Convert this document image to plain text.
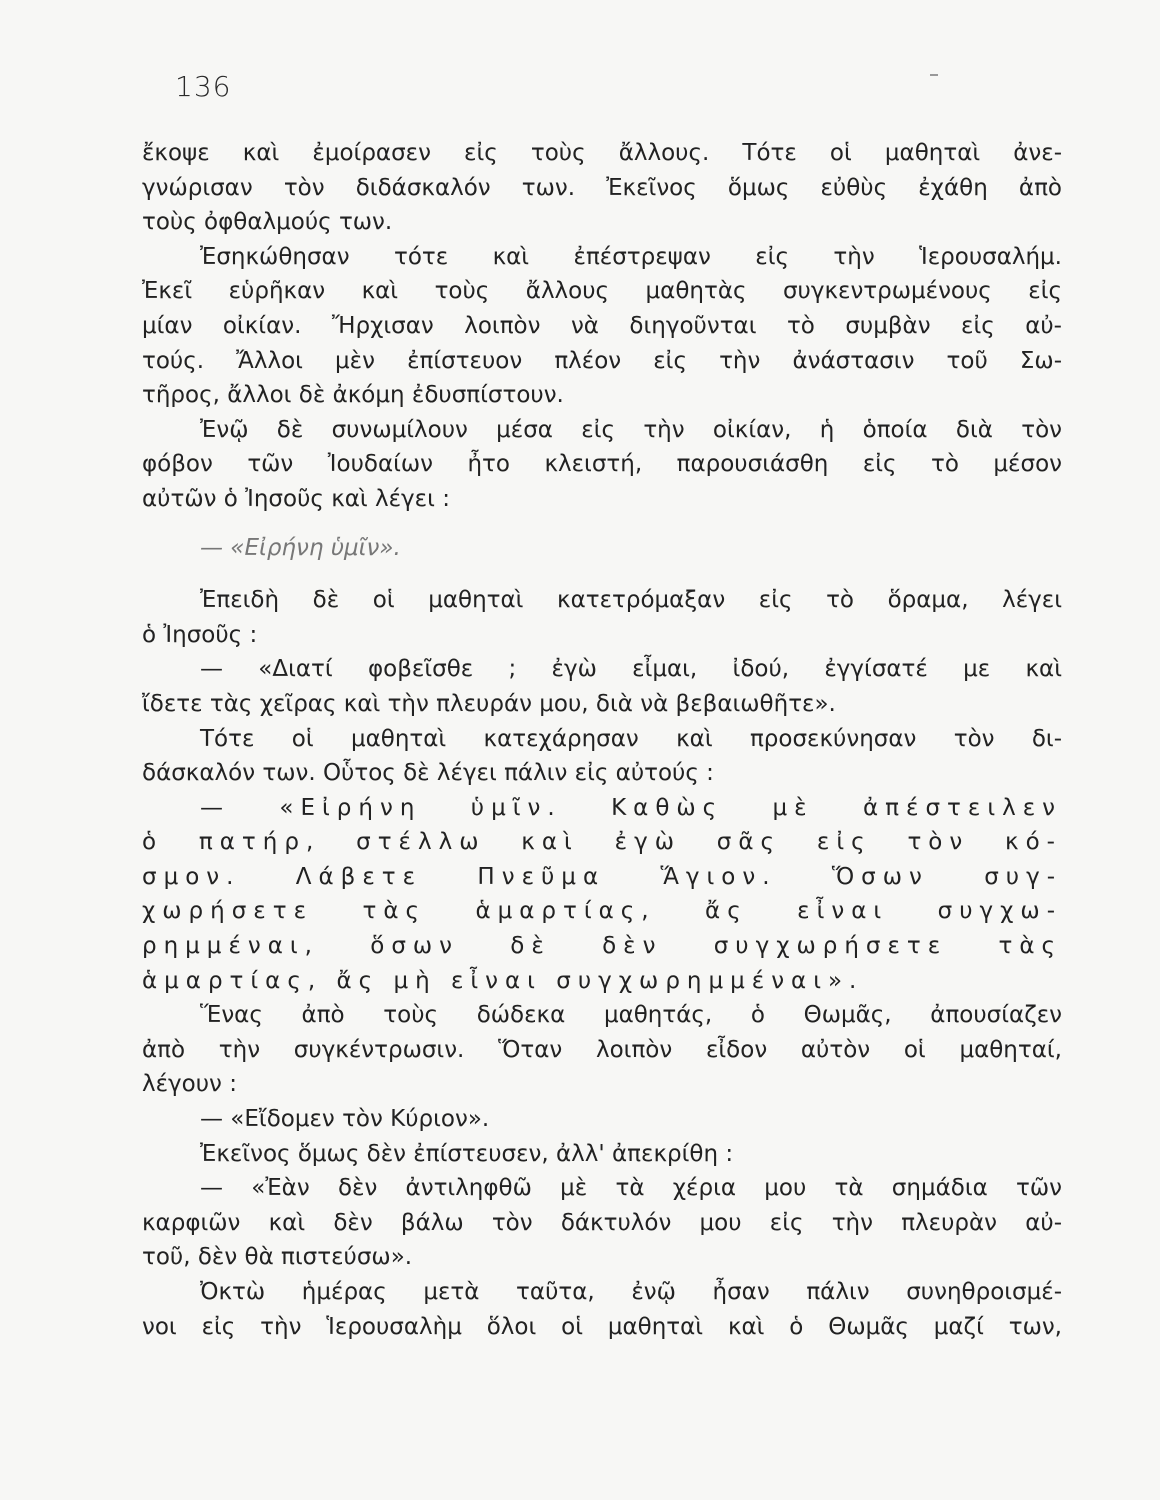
136
ἔκοψε καὶ ἐμοίρασεν εἰς τοὺς ἄλλους. Τότε οἱ μαθηταὶ ἀνε-
γνώρισαν τὸν διδάσκαλόν των. Ἐκεῖνος ὅμως εὐθὺς ἐχάθη ἀπὸ
τοὺς ὀφθαλμούς των.
Ἐσηκώθησαν τότε καὶ ἐπέστρεψαν εἰς τὴν Ἱερουσαλήμ.
Ἐκεῖ εὑρῆκαν καὶ τοὺς ἄλλους μαθητὰς συγκεντρωμένους εἰς
μίαν οἰκίαν. Ἤρχισαν λοιπὸν νὰ διηγοῦνται τὸ συμβὰν εἰς αὐ-
τούς. Ἄλλοι μὲν ἐπίστευον πλέον εἰς τὴν ἀνάστασιν τοῦ Σω-
τῆρος, ἄλλοι δὲ ἀκόμη ἐδυσπίστουν.
Ἐνῷ δὲ συνωμίλουν μέσα εἰς τὴν οἰκίαν, ἡ ὁποία διὰ τὸν
φόβον τῶν Ἰουδαίων ἦτο κλειστή, παρουσιάσθη εἰς τὸ μέσον
αὐτῶν ὁ Ἰησοῦς καὶ λέγει :
— «Εἰρήνη ὑμῖν».
Ἐπειδὴ δὲ οἱ μαθηταὶ κατετρόμαξαν εἰς τὸ ὅραμα, λέγει
ὁ Ἰησοῦς :
— «Διατί φοβεῖσθε ; ἐγὼ εἶμαι, ἰδού, ἐγγίσατέ με καὶ
ἴδετε τὰς χεῖρας καὶ τὴν πλευράν μου, διὰ νὰ βεβαιωθῆτε».
Τότε οἱ μαθηταὶ κατεχάρησαν καὶ προσεκύνησαν τὸν δι-
δάσκαλόν των. Οὗτος δὲ λέγει πάλιν εἰς αὐτούς :
— «Εἰρήνη ὑμῖν. Καθὼς μὲ ἀπέστειλεν
ὁ πατήρ, στέλλω καὶ ἐγὼ σᾶς εἰς τὸν κό-
σμον. Λάβετε Πνεῦμα Ἅγιον. Ὅσων συγ-
χωρήσετε τὰς ἁμαρτίας, ἄς εἶναι συγχω-
ρημμέναι, ὅσων δὲ δὲν συγχωρήσετε τὰς
ἁμαρτίας, ἄς μὴ εἶναι συγχωρημμέναι».
Ἕνας ἀπὸ τοὺς δώδεκα μαθητάς, ὁ Θωμᾶς, ἀπουσίαζεν
ἀπὸ τὴν συγκέντρωσιν. Ὅταν λοιπὸν εἶδον αὐτὸν οἱ μαθηταί,
λέγουν :
— «Εἴδομεν τὸν Κύριον».
Ἐκεῖνος ὅμως δὲν ἐπίστευσεν, ἀλλ' ἀπεκρίθη :
— «Ἐὰν δὲν ἀντιληφθῶ μὲ τὰ χέρια μου τὰ σημάδια τῶν
καρφιῶν καὶ δὲν βάλω τὸν δάκτυλόν μου εἰς τὴν πλευρὰν αὐ-
τοῦ, δὲν θὰ πιστεύσω».
Ὀκτὼ ἡμέρας μετὰ ταῦτα, ἐνῷ ἦσαν πάλιν συνηθροισμέ-
νοι εἰς τὴν Ἱερουσαλὴμ ὅλοι οἱ μαθηταὶ καὶ ὁ Θωμᾶς μαζί των,
